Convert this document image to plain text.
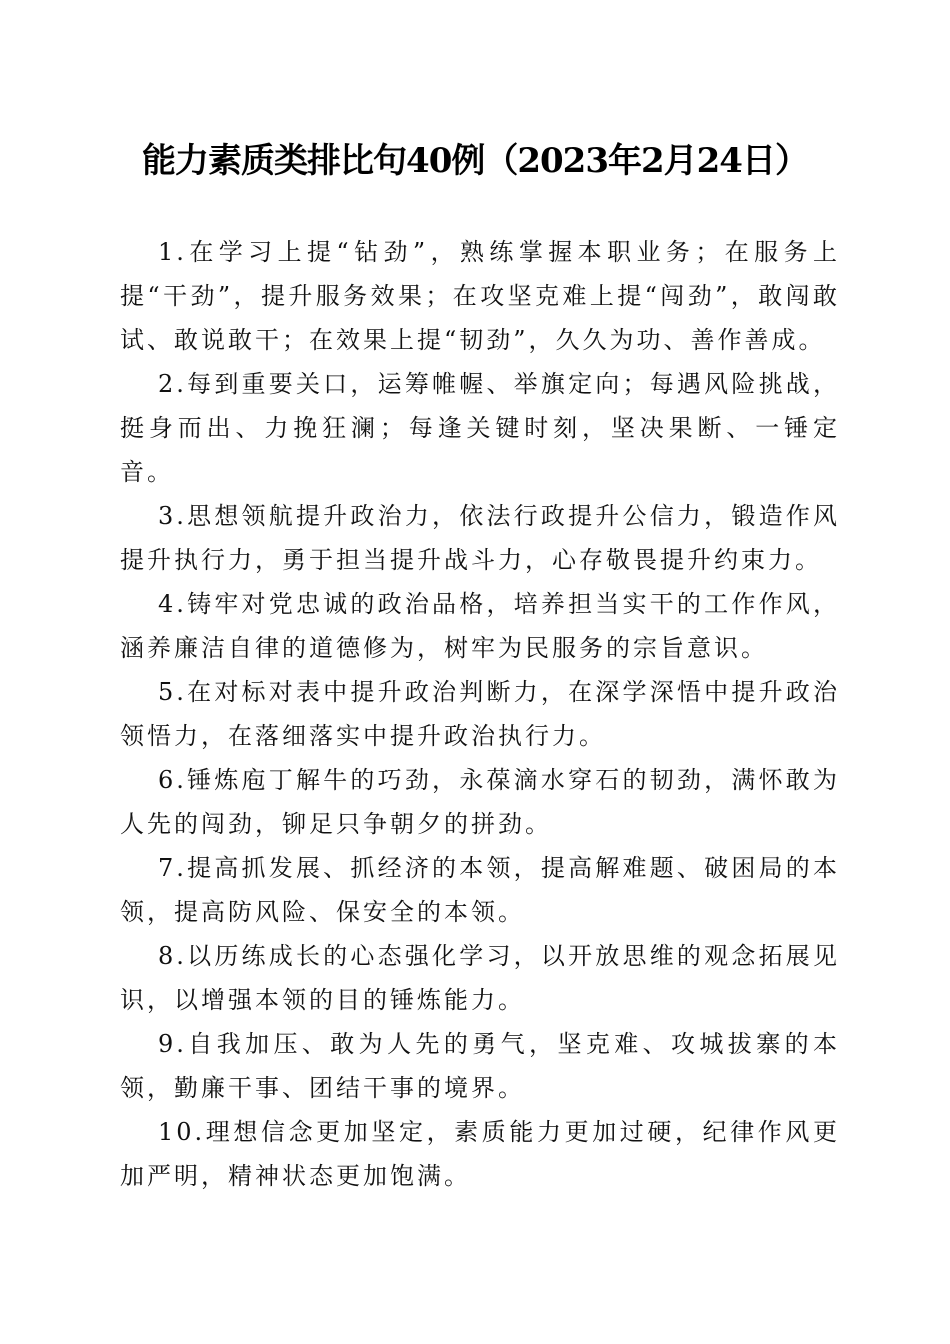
能力素质类排比句40例（2023年2月24日）

1.在学习上提“钻劲”，熟练掌握本职业务；在服务上提“干劲”，提升服务效果；在攻坚克难上提“闯劲”，敢闯敢试、敢说敢干；在效果上提“韧劲”，久久为功、善作善成。

2.每到重要关口，运筹帷幄、举旗定向；每遇风险挑战，挺身而出、力挽狂澜；每逢关键时刻，坚决果断、一锤定音。

3.思想领航提升政治力，依法行政提升公信力，锻造作风提升执行力，勇于担当提升战斗力，心存敬畏提升约束力。

4.铸牢对党忠诚的政治品格，培养担当实干的工作作风，涵养廉洁自律的道德修为，树牢为民服务的宗旨意识。

5.在对标对表中提升政治判断力，在深学深悟中提升政治领悟力，在落细落实中提升政治执行力。

6.锤炼庖丁解牛的巧劲，永葆滴水穿石的韧劲，满怀敢为人先的闯劲，铆足只争朝夕的拼劲。

7.提高抓发展、抓经济的本领，提高解难题、破困局的本领，提高防风险、保安全的本领。

8.以历练成长的心态强化学习，以开放思维的观念拓展见识，以增强本领的目的锤炼能力。

9.自我加压、敢为人先的勇气，坚克难、攻城拔寨的本领，勤廉干事、团结干事的境界。

10.理想信念更加坚定，素质能力更加过硬，纪律作风更加严明，精神状态更加饱满。
